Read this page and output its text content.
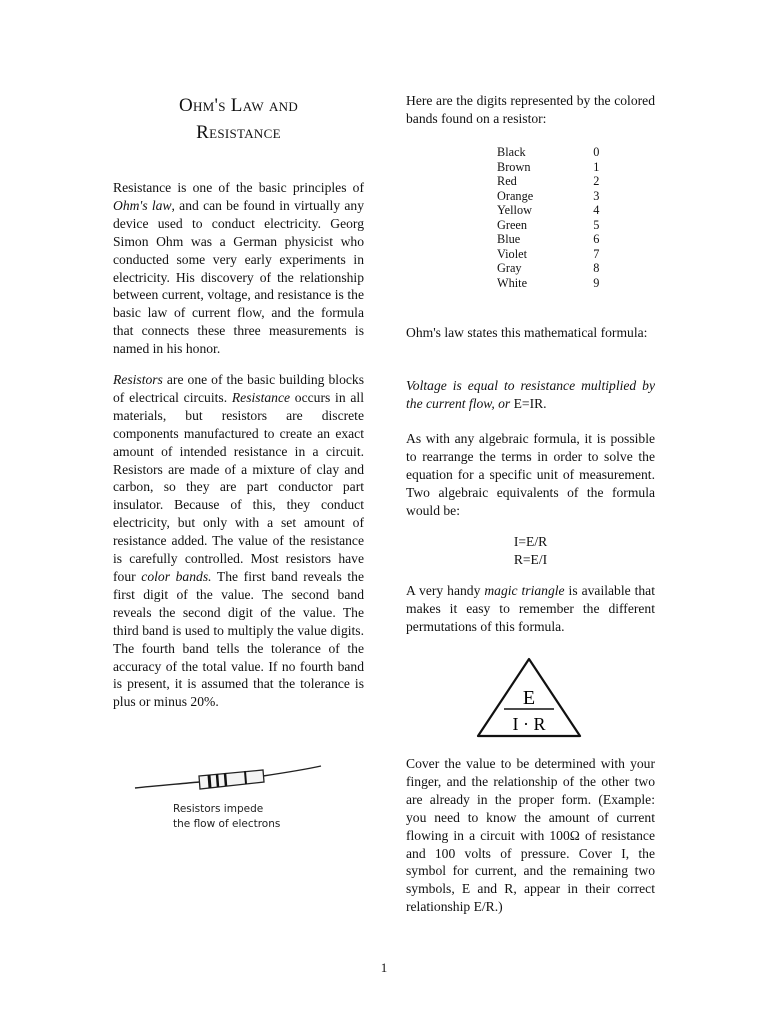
Ohm's Law and
Resistance

Resistance is one of the basic principles of Ohm's law, and can be found in virtually any device used to conduct electricity. Georg Simon Ohm was a German physicist who conducted some very early experiments in electricity. His discovery of the relationship between current, voltage, and resistance is the basic law of current flow, and the formula that connects these three measurements is named in his honor.

Resistors are one of the basic building blocks of electrical circuits. Resistance occurs in all materials, but resistors are discrete components manufactured to create an exact amount of intended resistance in a circuit. Resistors are made of a mixture of clay and carbon, so they are part conductor part insulator. Because of this, they conduct electricity, but only with a set amount of resistance added. The value of the resistance is carefully controlled. Most resistors have four color bands. The first band reveals the first digit of the value. The second band reveals the second digit of the value. The third band is used to multiply the value digits. The fourth band tells the tolerance of the accuracy of the total value. If no fourth band is present, it is assumed that the tolerance is plus or minus 20%.

Resistors impede
the flow of electrons

Here are the digits represented by the colored bands found on a resistor:

Ohm's law states this mathematical formula:

Voltage is equal to resistance multiplied by the current flow, or E=IR.

As with any algebraic formula, it is possible to rearrange the terms in order to solve the equation for a specific unit of measurement. Two algebraic equivalents of the formula would be:

A very handy magic triangle is available that makes it easy to remember the different permutations of this formula.

Cover the value to be determined with your finger, and the relationship of the other two are already in the proper form. (Example: you need to know the amount of current flowing in a circuit with 100Ω of resistance and 100 volts of pressure. Cover I, the symbol for current, and the remaining two symbols, E and R, appear in their correct relationship E/R.)

Black	0
Brown	1
Red	2
Orange	3
Yellow	4
Green	5
Blue	6
Violet	7
Gray	8
White	9
I=E/R
R=E/I
E
I · R
1
